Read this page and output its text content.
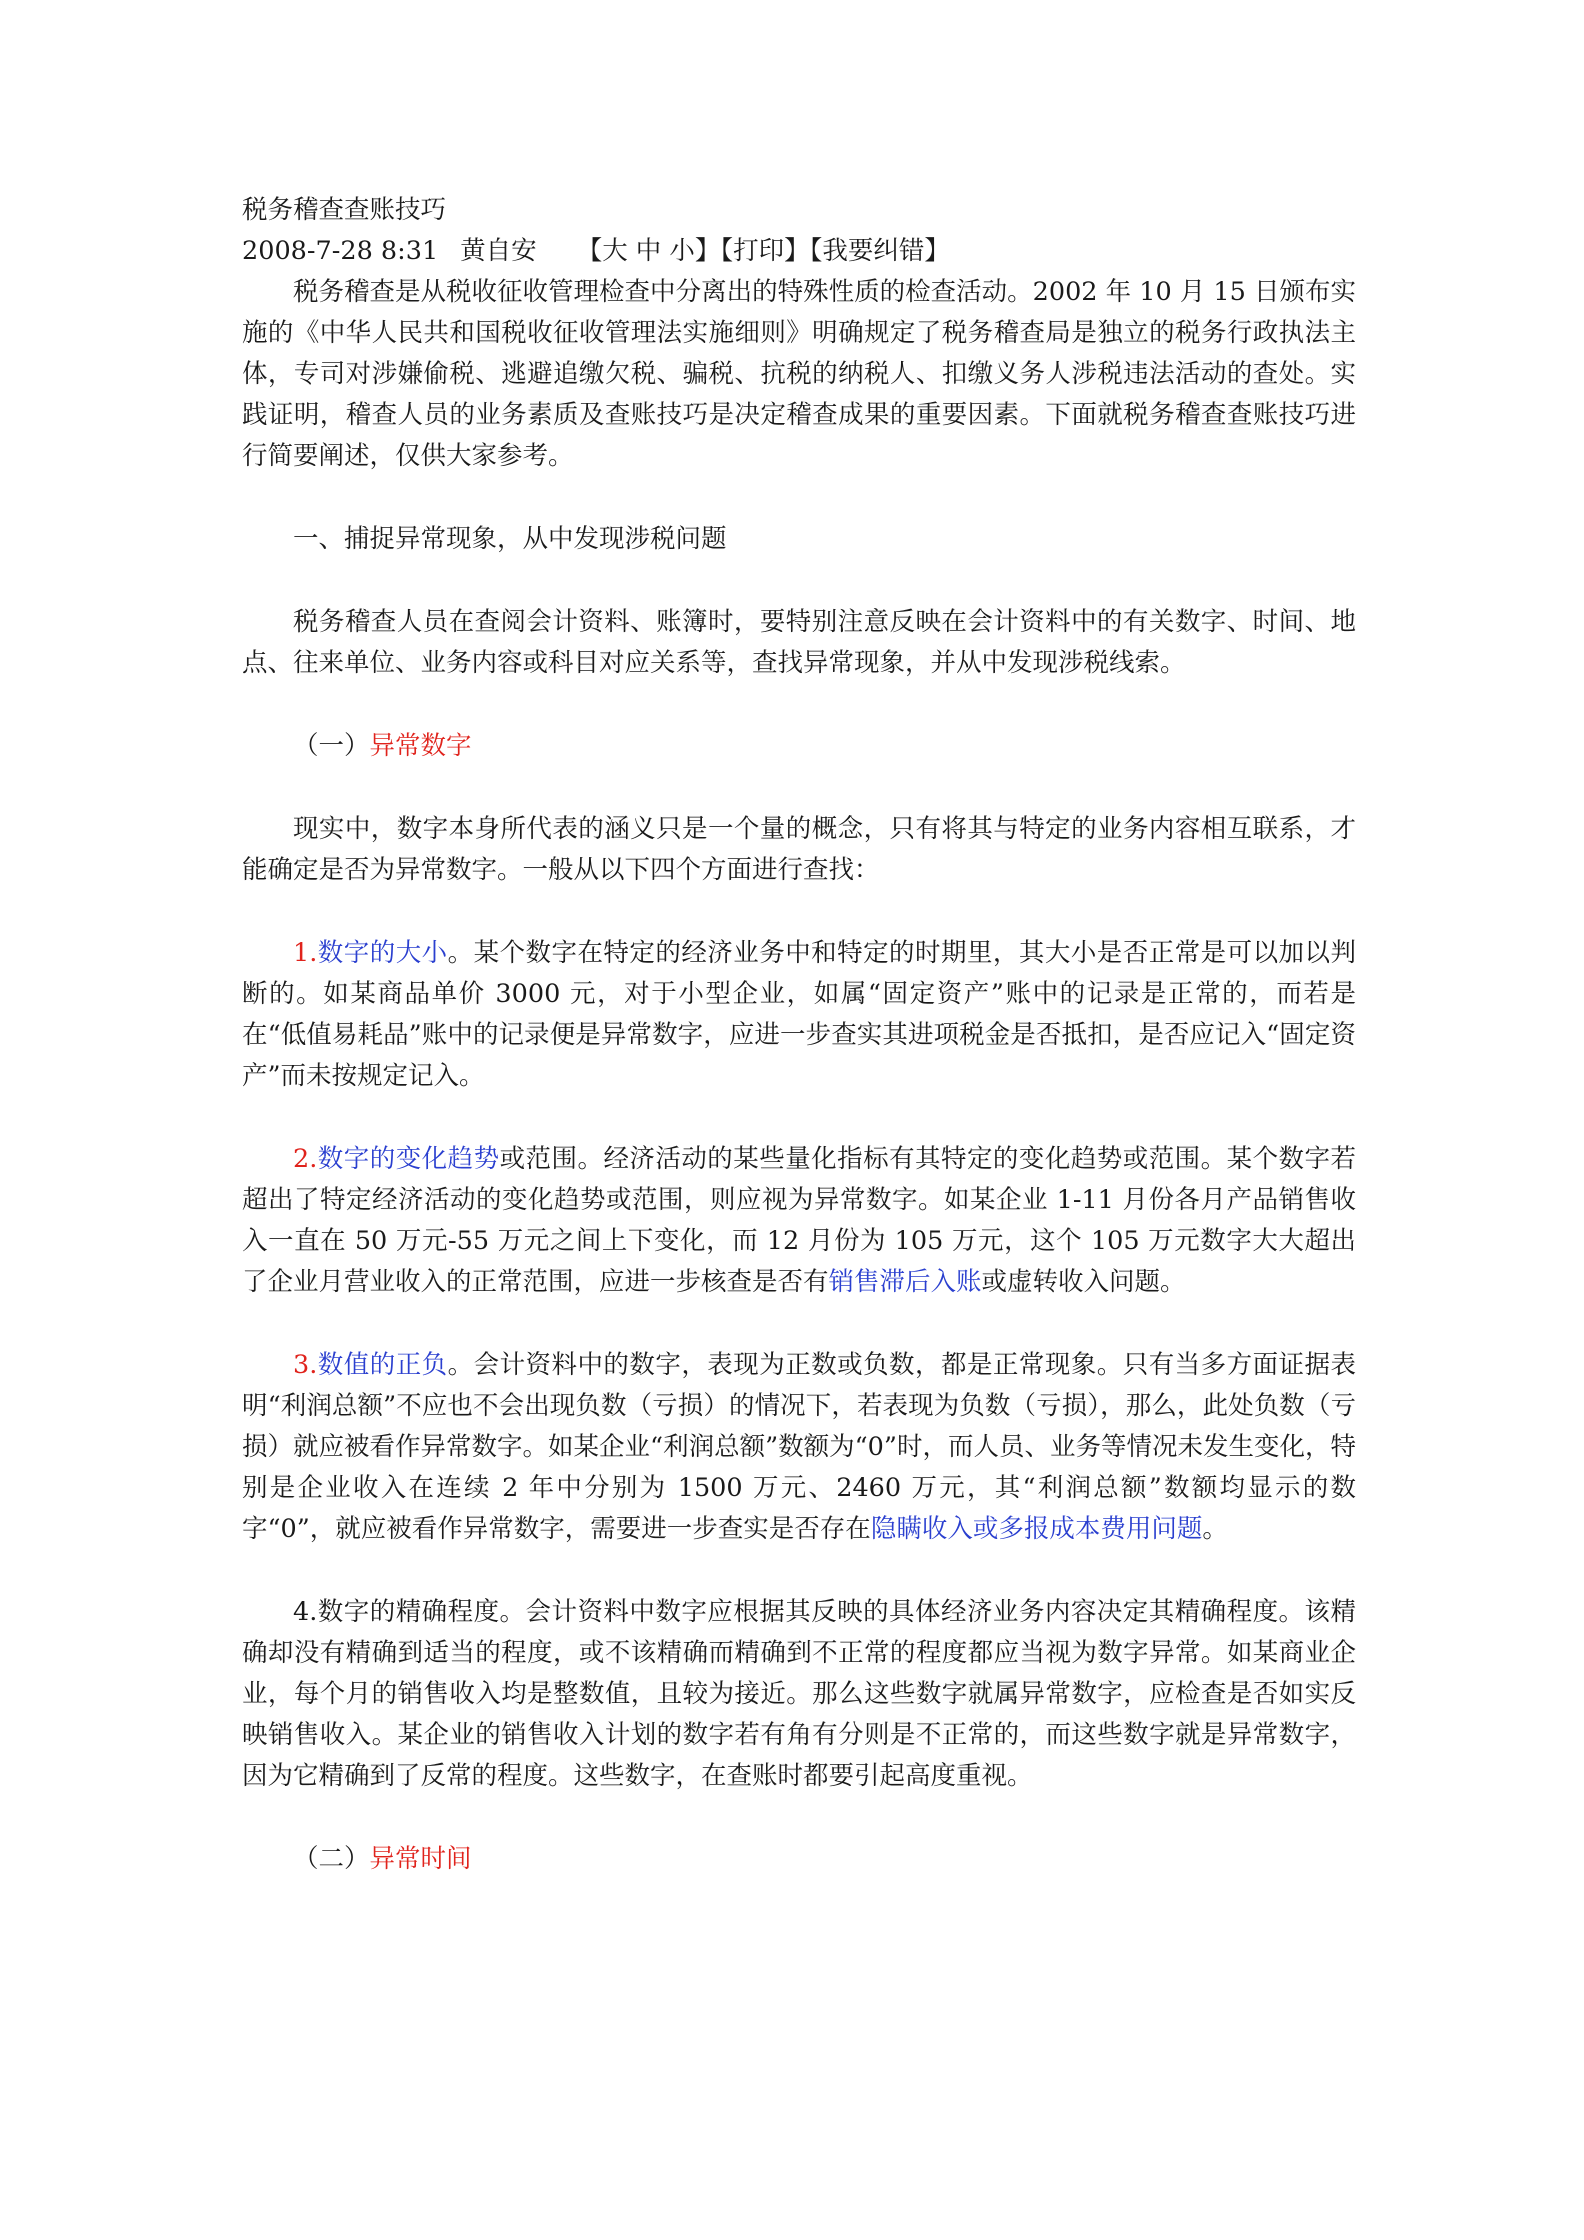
税务稽查查账技巧

2008-7-28 8:31 黄自安 【大 中 小】【打印】【我要纠错】

税务稽查是从税收征收管理检查中分离出的特殊性质的检查活动。2002 年 10 月 15 日颁布实施的《中华人民共和国税收征收管理法实施细则》明确规定了税务稽查局是独立的税务行政执法主体，专司对涉嫌偷税、逃避追缴欠税、骗税、抗税的纳税人、扣缴义务人涉税违法活动的查处。实践证明，稽查人员的业务素质及查账技巧是决定稽查成果的重要因素。下面就税务稽查查账技巧进行简要阐述，仅供大家参考。

一、捕捉异常现象，从中发现涉税问题

税务稽查人员在查阅会计资料、账簿时，要特别注意反映在会计资料中的有关数字、时间、地点、往来单位、业务内容或科目对应关系等，查找异常现象，并从中发现涉税线索。

（一）异常数字

现实中，数字本身所代表的涵义只是一个量的概念，只有将其与特定的业务内容相互联系，才能确定是否为异常数字。一般从以下四个方面进行查找：

1.数字的大小。某个数字在特定的经济业务中和特定的时期里，其大小是否正常是可以加以判断的。如某商品单价 3000 元，对于小型企业，如属“固定资产”账中的记录是正常的，而若是在“低值易耗品”账中的记录便是异常数字，应进一步查实其进项税金是否抵扣，是否应记入“固定资产”而未按规定记入。

2.数字的变化趋势或范围。经济活动的某些量化指标有其特定的变化趋势或范围。某个数字若超出了特定经济活动的变化趋势或范围，则应视为异常数字。如某企业 1-11 月份各月产品销售收入一直在 50 万元-55 万元之间上下变化，而 12 月份为 105 万元，这个 105 万元数字大大超出了企业月营业收入的正常范围，应进一步核查是否有销售滞后入账或虚转收入问题。

3.数值的正负。会计资料中的数字，表现为正数或负数，都是正常现象。只有当多方面证据表明“利润总额”不应也不会出现负数（亏损）的情况下，若表现为负数（亏损），那么，此处负数（亏损）就应被看作异常数字。如某企业“利润总额”数额为“0”时，而人员、业务等情况未发生变化，特别是企业收入在连续 2 年中分别为 1500 万元、2460 万元，其“利润总额”数额均显示的数字“0”，就应被看作异常数字，需要进一步查实是否存在隐瞒收入或多报成本费用问题。

4.数字的精确程度。会计资料中数字应根据其反映的具体经济业务内容决定其精确程度。该精确却没有精确到适当的程度，或不该精确而精确到不正常的程度都应当视为数字异常。如某商业企业，每个月的销售收入均是整数值，且较为接近。那么这些数字就属异常数字，应检查是否如实反映销售收入。某企业的销售收入计划的数字若有角有分则是不正常的，而这些数字就是异常数字，因为它精确到了反常的程度。这些数字，在查账时都要引起高度重视。

（二）异常时间
